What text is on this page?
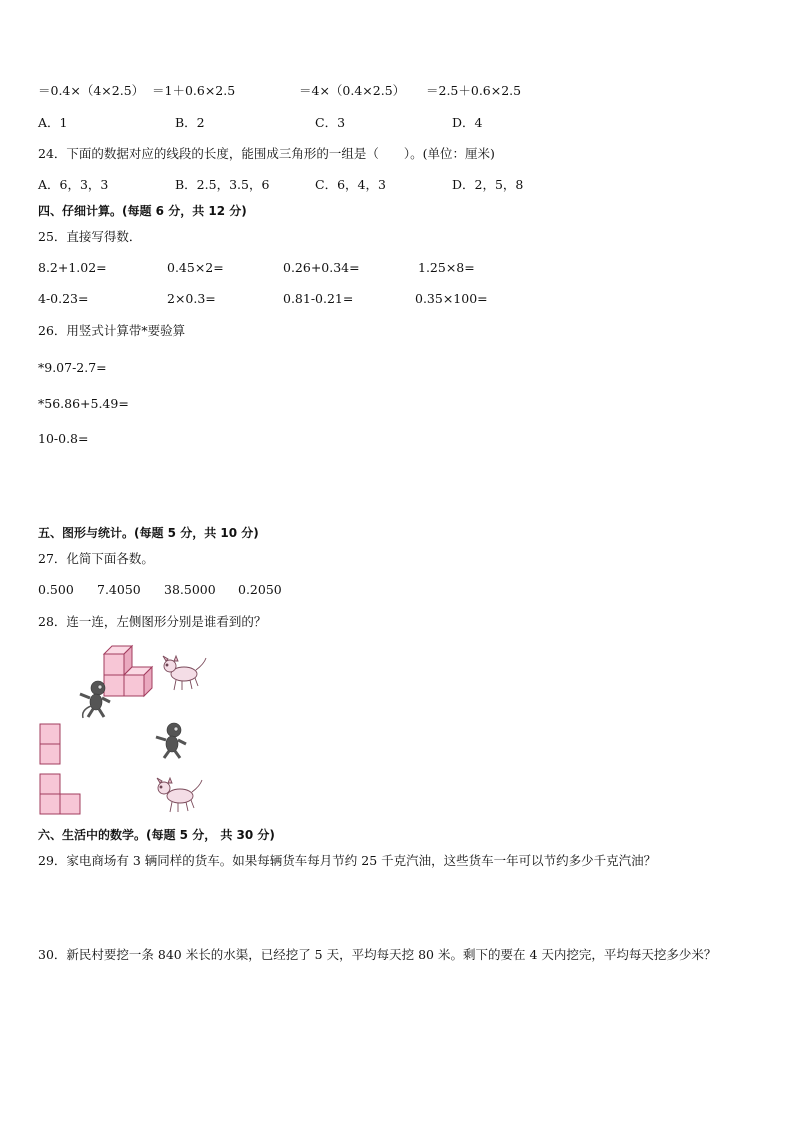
＝0.4×（4×2.5） ＝1＋0.6×2.5	＝4×（0.4×2.5） ＝2.5＋0.6×2.5
A．1	B．2	C．3	D．4
24．下面的数据对应的线段的长度，能围成三角形的一组是（　　）。(单位：厘米)
A．6，3，3	B．2.5，3.5，6	C．6，4，3	D．2，5，8
四、仔细计算。(每题 6 分，共 12 分)
25．直接写得数．
8.2+1.02=	0.45×2=	0.26+0.34=	1.25×8=
4-0.23=	2×0.3=	0.81-0.21=	0.35×100=
26．用竖式计算带*要验算
*9.07-2.7=
*56.86+5.49=
10-0.8=
五、图形与统计。(每题 5 分，共 10 分)
27．化简下面各数。
0.500 7.4050 38.5000 0.2050
28．连一连，左侧图形分别是谁看到的？
六、生活中的数学。(每题 5 分， 共 30 分)
29．家电商场有 3 辆同样的货车。如果每辆货车每月节约 25 千克汽油，这些货车一年可以节约多少千克汽油？
30．新民村要挖一条 840 米长的水渠，已经挖了 5 天，平均每天挖 80 米。剩下的要在 4 天内挖完，平均每天挖多少米？
